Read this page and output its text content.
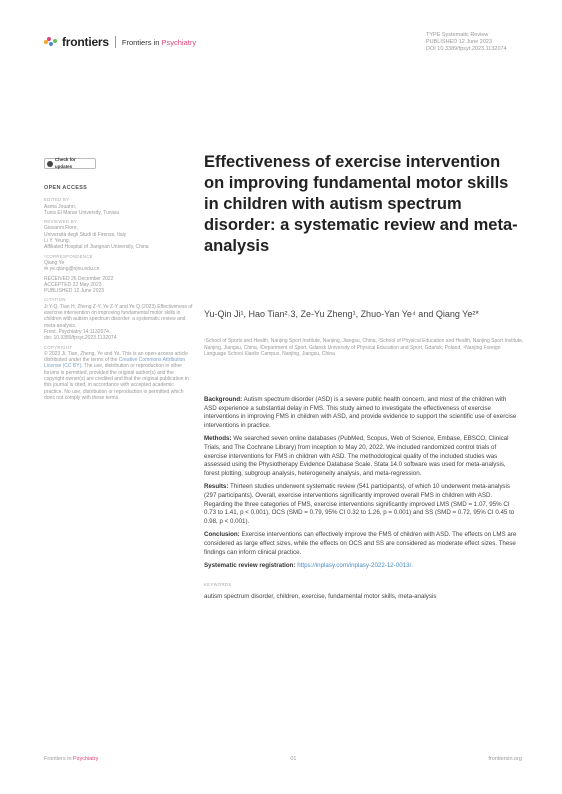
frontiers Frontiers in Psychiatry
TYPE Systematic Review
PUBLISHED 12 June 2023
DOI 10.3389/fpsyt.2023.1132074
Check for updates
OPEN ACCESS
EDITED BY
Asma Jouahri,
Tunis El Manar University, Tunisia
REVIEWED BY
Giovanni Fiore,
Università degli Studi di Firenze, Italy
Li Y. Yeung,
Affiliated Hospital of Jiangnan University, China
*CORRESPONDENCE
Qiang Ye
✉ ye.qiang@njnu.edu.cn
RECEIVED 26 December 2022
ACCEPTED 22 May 2023
PUBLISHED 12 June 2023
CITATION
Ji Y-Q, Tian H, Zheng Z-Y, Ye Z-Y and Ye Q (2023) Effectiveness of exercise intervention on improving fundamental motor skills in children with autism spectrum disorder: a systematic review and meta-analysis.
Front. Psychiatry 14:1132074.
doi: 10.3389/fpsyt.2023.1132074
COPYRIGHT
© 2023 Ji, Tian, Zheng, Ye and Ye. This is an open-access article distributed under the terms of the Creative Commons Attribution License (CC BY). The use, distribution or reproduction in other forums is permitted, provided the original author(s) and the copyright owner(s) are credited and that the original publication in this journal is cited, in accordance with accepted academic practice. No use, distribution or reproduction is permitted which does not comply with these terms.
Effectiveness of exercise intervention on improving fundamental motor skills in children with autism spectrum disorder: a systematic review and meta-analysis
Yu-Qin Ji¹, Hao Tian²˒3, Ze-Yu Zheng¹, Zhuo-Yan Ye⁴ and Qiang Ye²*
¹School of Sports and Health, Nanjing Sport Institute, Nanjing, Jiangsu, China, ²School of Physical Education and Health, Nanjing Sport Institute, Nanjing, Jiangsu, China, ³Department of Sport, Gdansk University of Physical Education and Sport, Gdańsk, Poland, ⁴Nanjing Foreign Language School Xianlin Campus, Nanjing, Jiangsu, China

Background: Autism spectrum disorder (ASD) is a severe public health concern, and most of the children with ASD experience a substantial delay in FMS. This study aimed to investigate the effectiveness of exercise interventions in improving FMS in children with ASD, and provide evidence to support the scientific use of exercise interventions in practice.

Methods: We searched seven online databases (PubMed, Scopus, Web of Science, Embase, EBSCO, Clinical Trials, and The Cochrane Library) from inception to May 20, 2022. We included randomized control trials of exercise interventions for FMS in children with ASD. The methodological quality of the included studies was assessed using the Physiotherapy Evidence Database Scale. Stata 14.0 software was used for meta-analysis, forest plotting, subgroup analysis, heterogeneity analysis, and meta-regression.

Results: Thirteen studies underwent systematic review (541 participants), of which 10 underwent meta-analysis (297 participants). Overall, exercise interventions significantly improved overall FMS in children with ASD. Regarding the three categories of FMS, exercise interventions significantly improved LMS (SMD = 1.07, 95% CI 0.73 to 1.41, p < 0.001), OCS (SMD = 0.79, 95% CI 0.32 to 1.26, p = 0.001) and SS (SMD = 0.72, 95% CI 0.45 to 0.98, p < 0.001).

Conclusion: Exercise interventions can effectively improve the FMS of children with ASD. The effects on LMS are considered as large effect sizes, while the effects on OCS and SS are considered as moderate effect sizes. These findings can inform clinical practice.

Systematic review registration: https://inplasy.com/inplasy-2022-12-0013/.
KEYWORDS
autism spectrum disorder, children, exercise, fundamental motor skills, meta-analysis
Frontiers in Psychiatry	01	frontiersin.org
